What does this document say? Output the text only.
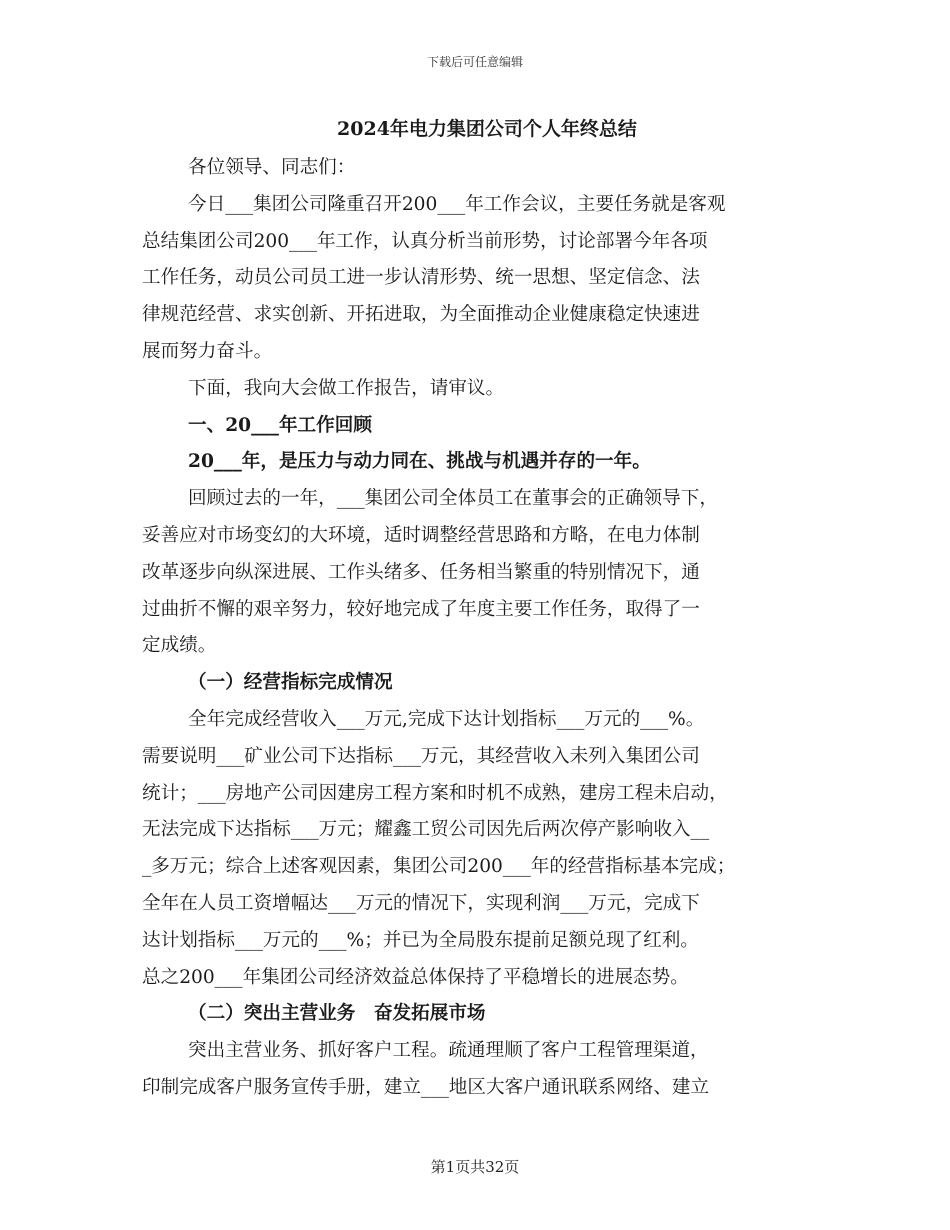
下载后可任意编辑
2024年电力集团公司个人年终总结
各位领导、同志们：
今日___集团公司隆重召开200___年工作会议，主要任务就是客观
总结集团公司200___年工作，认真分析当前形势，讨论部署今年各项
工作任务，动员公司员工进一步认清形势、统一思想、坚定信念、法
律规范经营、求实创新、开拓进取，为全面推动企业健康稳定快速进
展而努力奋斗。
下面，我向大会做工作报告，请审议。
一、20___年工作回顾
20___年，是压力与动力同在、挑战与机遇并存的一年。
回顾过去的一年，___集团公司全体员工在董事会的正确领导下，
妥善应对市场变幻的大环境，适时调整经营思路和方略，在电力体制
改革逐步向纵深进展、工作头绪多、任务相当繁重的特别情况下，通
过曲折不懈的艰辛努力，较好地完成了年度主要工作任务，取得了一
定成绩。
（一）经营指标完成情况
全年完成经营收入___万元,完成下达计划指标___万元的___%。
需要说明___矿业公司下达指标___万元，其经营收入未列入集团公司
统计；___房地产公司因建房工程方案和时机不成熟，建房工程未启动，
无法完成下达指标___万元；耀鑫工贸公司因先后两次停产影响收入__
_多万元；综合上述客观因素，集团公司200___年的经营指标基本完成；
全年在人员工资增幅达___万元的情况下，实现利润___万元，完成下
达计划指标___万元的___%；并已为全局股东提前足额兑现了红利。
总之200___年集团公司经济效益总体保持了平稳增长的进展态势。
（二）突出主营业务　奋发拓展市场
突出主营业务、抓好客户工程。疏通理顺了客户工程管理渠道，
印制完成客户服务宣传手册，建立___地区大客户通讯联系网络、建立
第1页共32页
